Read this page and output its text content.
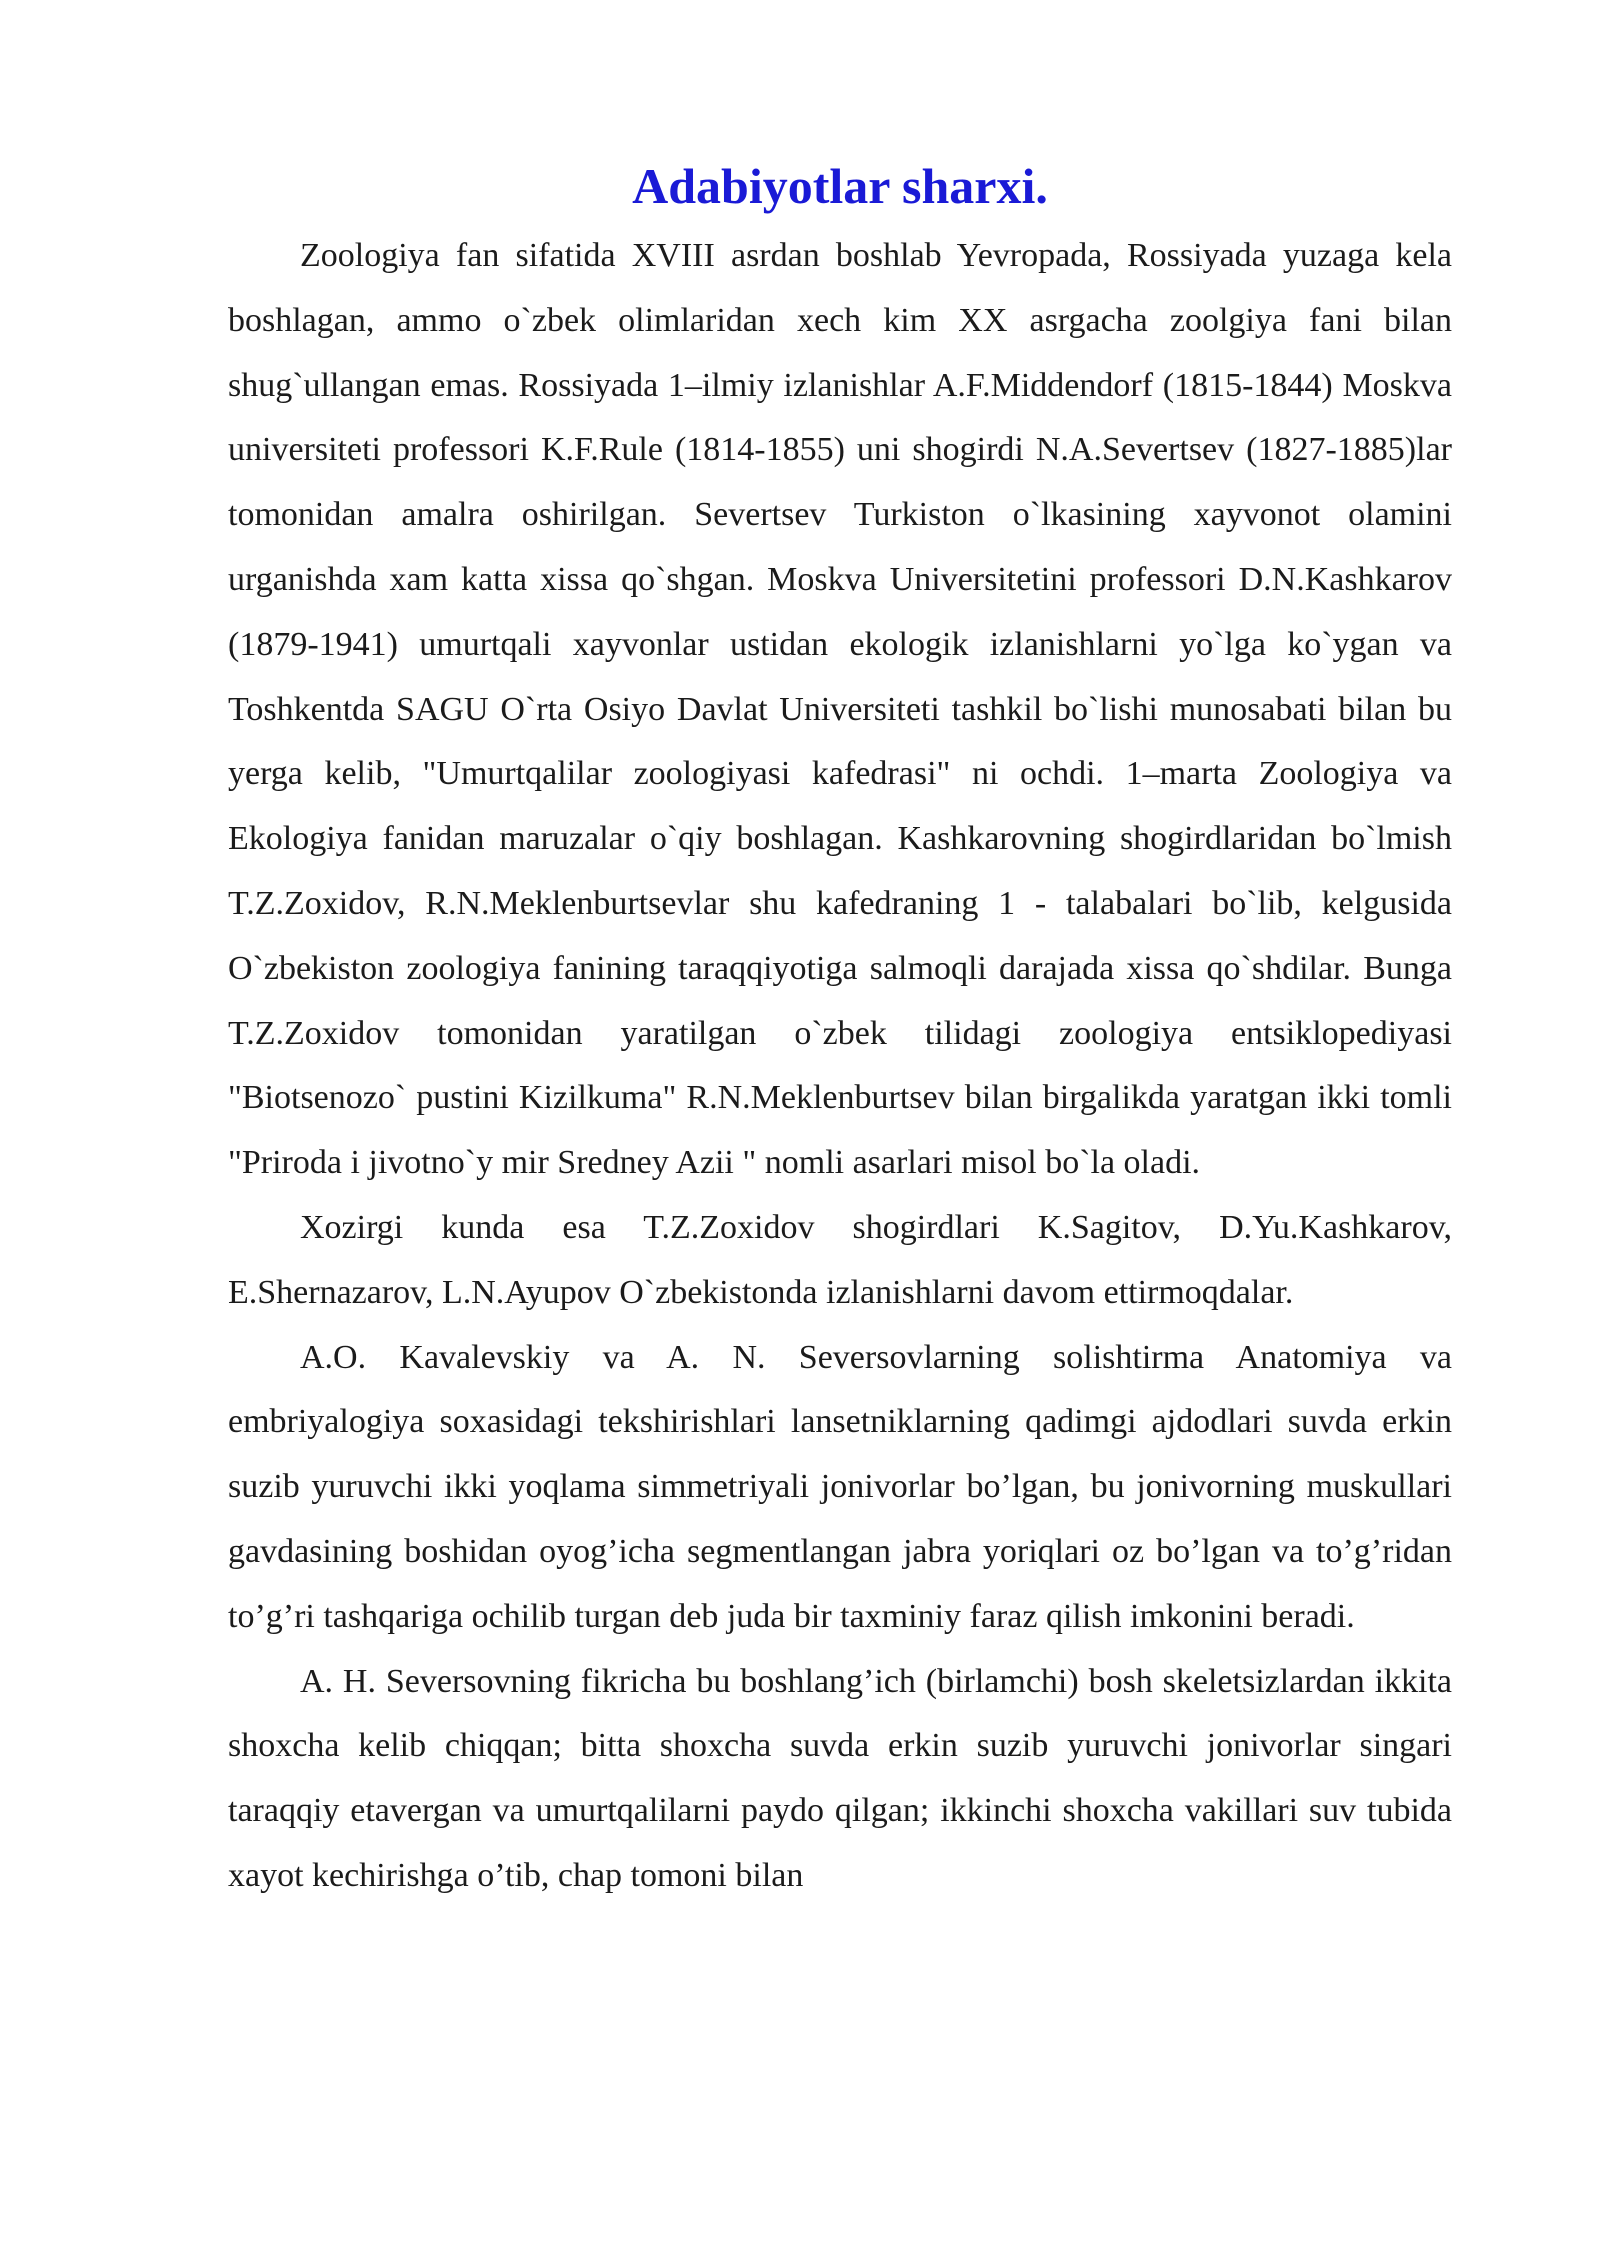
Adabiyotlar sharxi.

Zoologiya fan sifatida XVIII asrdan boshlab Yevropada, Rossiyada yuzaga kela boshlagan, ammo o`zbek olimlaridan xech kim XX asrgacha zoolgiya fani bilan shug`ullangan emas. Rossiyada 1–ilmiy izlanishlar A.F.Middendorf (1815-1844) Moskva universiteti professori K.F.Rule (1814-1855) uni shogirdi N.A.Severtsev (1827-1885)lar tomonidan amalra oshirilgan. Severtsev Turkiston o`lkasining xayvonot olamini urganishda xam katta xissa qo`shgan. Moskva Universitetini professori D.N.Kashkarov (1879-1941) umurtqali xayvonlar ustidan ekologik izlanishlarni yo`lga ko`ygan va Toshkentda SAGU O`rta Osiyo Davlat Universiteti tashkil bo`lishi munosabati bilan bu yerga kelib, "Umurtqalilar zoologiyasi kafedrasi" ni ochdi. 1–marta Zoologiya va Ekologiya fanidan maruzalar o`qiy boshlagan. Kashkarovning shogirdlaridan bo`lmish T.Z.Zoxidov, R.N.Meklenburtsevlar shu kafedraning 1 - talabalari bo`lib, kelgusida O`zbekiston zoologiya fanining taraqqiyotiga salmoqli darajada xissa qo`shdilar. Bunga T.Z.Zoxidov tomonidan yaratilgan o`zbek tilidagi zoologiya entsiklopediyasi "Biotsenozo` pustini Kizilkuma" R.N.Meklenburtsev bilan birgalikda yaratgan ikki tomli "Priroda i jivotno`y mir Sredney Azii " nomli asarlari misol bo`la oladi.

Xozirgi kunda esa T.Z.Zoxidov shogirdlari K.Sagitov, D.Yu.Kashkarov, E.Shernazarov, L.N.Ayupov O`zbekistonda izlanishlarni davom ettirmoqdalar.

A.O. Kavalevskiy va A. N. Seversovlarning solishtirma Anatomiya va embriyalogiya soxasidagi tekshirishlari lansetniklarning qadimgi ajdodlari suvda erkin suzib yuruvchi ikki yoqlama simmetriyali jonivorlar bo’lgan, bu jonivorning muskullari gavdasining boshidan oyog’icha segmentlangan jabra yoriqlari oz bo’lgan va to’g’ridan to’g’ri tashqariga ochilib turgan deb juda bir taxminiy faraz qilish imkonini beradi.

A. H. Seversovning fikricha bu boshlang’ich (birlamchi) bosh skeletsizlardan ikkita shoxcha kelib chiqqan; bitta shoxcha suvda erkin suzib yuruvchi jonivorlar singari taraqqiy etavergan va umurtqalilarni paydo qilgan; ikkinchi shoxcha vakillari suv tubida xayot kechirishga o’tib, chap tomoni bilan
